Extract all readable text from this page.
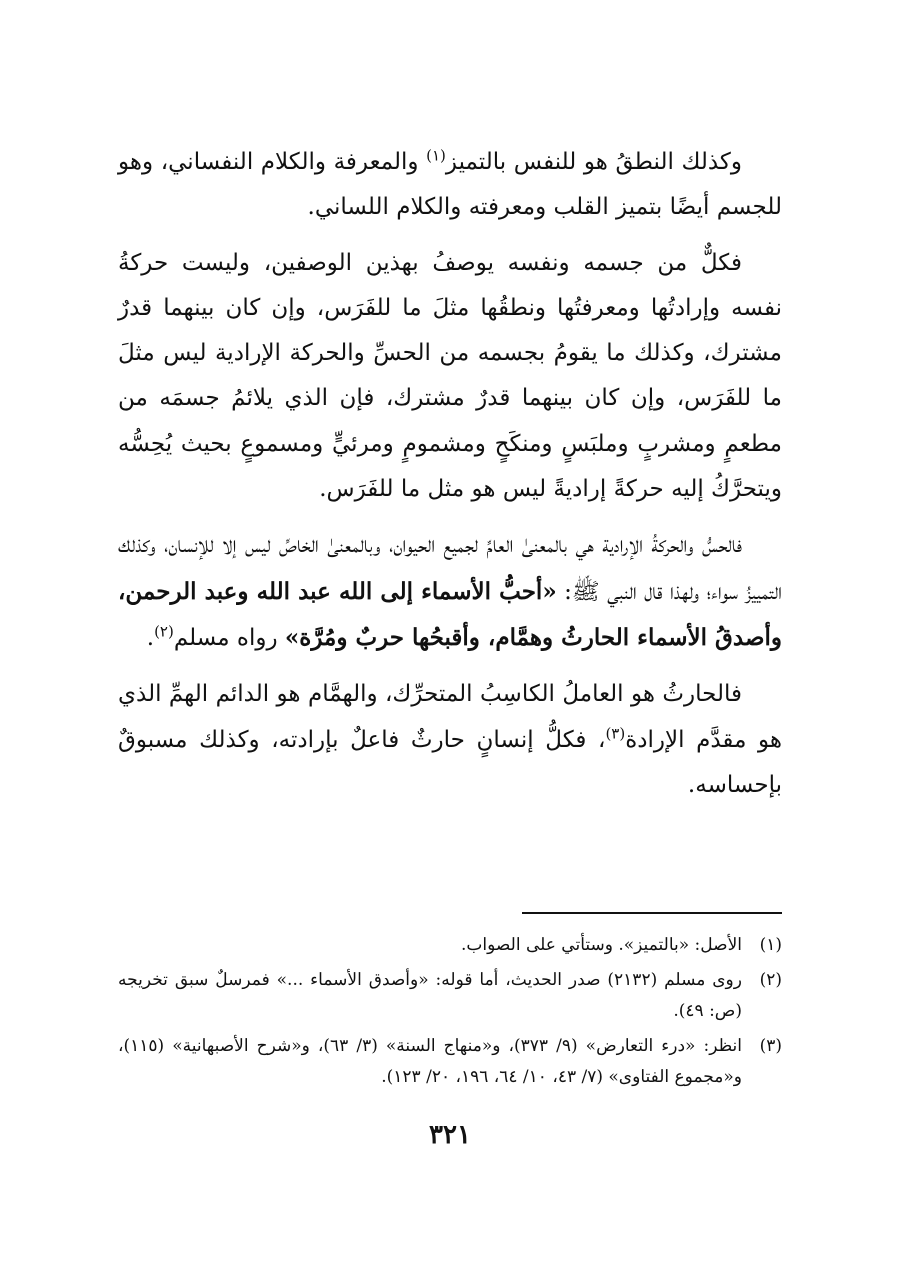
وكذلك النطقُ هو للنفس بالتميز$^{(١)}$ والمعرفة والكلام النفساني، وهو للجسم أيضًا بتميز القلب ومعرفته والكلام اللساني.

فكلٌّ من جسمه ونفسه يوصفُ بهذين الوصفين، وليست حركةُ نفسه وإرادتُها ومعرفتُها ونطقُها مثلَ ما للفَرَس، وإن كان بينهما قدرٌ مشترك، وكذلك ما يقومُ بجسمه من الحسِّ والحركة الإرادية ليس مثلَ ما للفَرَس، وإن كان بينهما قدرٌ مشترك، فإن الذي يلائمُ جسمَه من مطعمٍ ومشربٍ وملبَسٍ ومنكَحٍ ومشمومٍ ومرئيٍّ ومسموعٍ بحيث يُحِسُّه ويتحرَّكُ إليه حركةً إراديةً ليس هو مثل ما للفَرَس.

فالحسُّ والحركةُ الإرادية هي بالمعنىٰ العامِّ لجميع الحيوان، وبالمعنىٰ الخاصِّ ليس إلا للإنسان، وكذلك التمييزُ سواء؛ ولهذا قال النبي ﷺ: «أحبُّ الأسماء إلى الله عبد الله وعبد الرحمن، وأصدقُ الأسماء الحارثُ وهمَّام، وأقبحُها حربٌ ومُرَّة» رواه مسلم$^{(٢)}$.

فالحارثُ هو العاملُ الكاسِبُ المتحرِّك، والهمَّام هو الدائم الهمِّ الذي هو مقدَّم الإرادة$^{(٣)}$، فكلُّ إنسانٍ حارثٌ فاعلٌ بإرادته، وكذلك مسبوقٌ بإحساسه.

(١)
الأصل: «بالتميز». وستأتي على الصواب.
(٢)
روى مسلم (٢١٣٢) صدر الحديث، أما قوله: «وأصدق الأسماء ...» فمرسلٌ سبق تخريجه (ص: ٤٩).
(٣)
انظر: «درء التعارض» (٩/ ٣٧٣)، و«منهاج السنة» (٣/ ٦٣)، و«شرح الأصبهانية» (١١٥)، و«مجموع الفتاوى» (٧/ ٤٣، ١٠/ ٦٤، ١٩٦، ٢٠/ ١٢٣).
٣٢١
